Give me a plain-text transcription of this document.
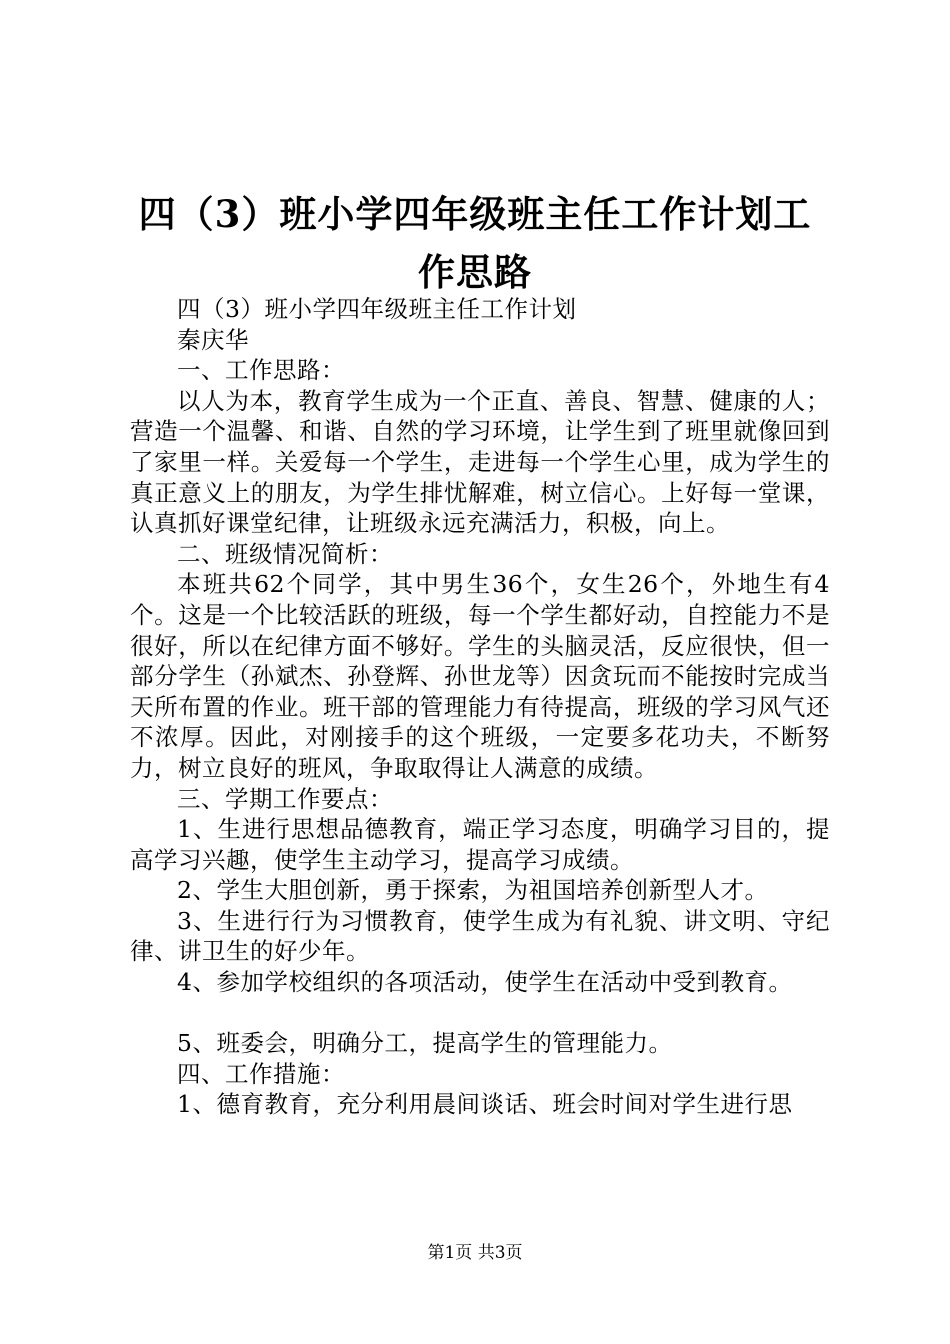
四（3）班小学四年级班主任工作计划工作思路

四（3）班小学四年级班主任工作计划

秦庆华

一、工作思路：

以人为本，教育学生成为一个正直、善良、智慧、健康的人；营造一个温馨、和谐、自然的学习环境，让学生到了班里就像回到了家里一样。关爱每一个学生，走进每一个学生心里，成为学生的真正意义上的朋友，为学生排忧解难，树立信心。上好每一堂课，认真抓好课堂纪律，让班级永远充满活力，积极，向上。

二、班级情况简析：

本班共62个同学，其中男生36个，女生26个，外地生有4个。这是一个比较活跃的班级，每一个学生都好动，自控能力不是很好，所以在纪律方面不够好。学生的头脑灵活，反应很快，但一部分学生（孙斌杰、孙登辉、孙世龙等）因贪玩而不能按时完成当天所布置的作业。班干部的管理能力有待提高，班级的学习风气还不浓厚。因此，对刚接手的这个班级，一定要多花功夫，不断努力，树立良好的班风，争取取得让人满意的成绩。

三、学期工作要点：

1、生进行思想品德教育，端正学习态度，明确学习目的，提高学习兴趣，使学生主动学习，提高学习成绩。

2、学生大胆创新，勇于探索，为祖国培养创新型人才。

3、生进行行为习惯教育，使学生成为有礼貌、讲文明、守纪律、讲卫生的好少年。

4、参加学校组织的各项活动，使学生在活动中受到教育。

5、班委会，明确分工，提高学生的管理能力。

四、工作措施：

1、德育教育，充分利用晨间谈话、班会时间对学生进行思

第1页 共3页
